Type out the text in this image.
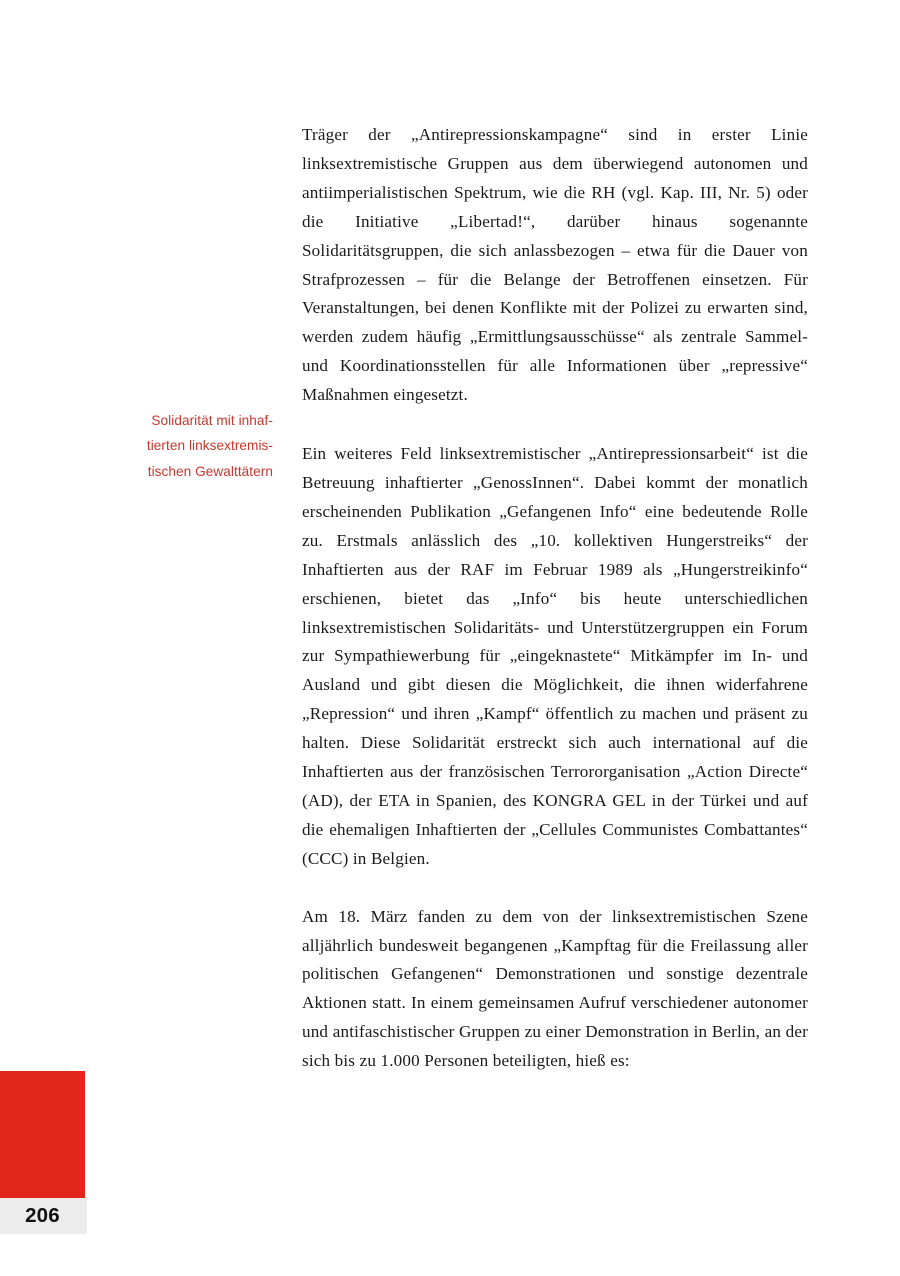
Träger der „Antirepressionskampagne“ sind in erster Linie linksextremistische Gruppen aus dem überwiegend autonomen und antiimperialistischen Spektrum, wie die RH (vgl. Kap. III, Nr. 5) oder die Initiative „Libertad!“, darüber hinaus sogenannte Solidaritätsgruppen, die sich anlassbezogen – etwa für die Dauer von Strafprozessen – für die Belange der Betroffenen einsetzen. Für Veranstaltungen, bei denen Konflikte mit der Polizei zu erwarten sind, werden zudem häufig „Ermittlungsausschüsse“ als zentrale Sammel- und Koordinationsstellen für alle Informationen über „repressive“ Maßnahmen eingesetzt.

Ein weiteres Feld linksextremistischer „Antirepressionsarbeit“ ist die Betreuung inhaftierter „GenossInnen“. Dabei kommt der monatlich erscheinenden Publikation „Gefangenen Info“ eine bedeutende Rolle zu. Erstmals anlässlich des „10. kollektiven Hungerstreiks“ der Inhaftierten aus der RAF im Februar 1989 als „Hungerstreikinfo“ erschienen, bietet das „Info“ bis heute unterschiedlichen linksextremistischen Solidaritäts- und Unterstützergruppen ein Forum zur Sympathiewerbung für „eingeknastete“ Mitkämpfer im In- und Ausland und gibt diesen die Möglichkeit, die ihnen widerfahrene „Repression“ und ihren „Kampf“ öffentlich zu machen und präsent zu halten. Diese Solidarität erstreckt sich auch international auf die Inhaftierten aus der französischen Terrororganisation „Action Directe“ (AD), der ETA in Spanien, des KONGRA GEL in der Türkei und auf die ehemaligen Inhaftierten der „Cellules Communistes Combattantes“ (CCC) in Belgien.

Am 18. März fanden zu dem von der linksextremistischen Szene alljährlich bundesweit begangenen „Kampftag für die Freilassung aller politischen Gefangenen“ Demonstrationen und sonstige dezentrale Aktionen statt. In einem gemeinsamen Aufruf verschiedener autonomer und antifaschistischer Gruppen zu einer Demonstration in Berlin, an der sich bis zu 1.000 Personen beteiligten, hieß es:

Solidarität mit inhaf-
tierten linksextremis-
tischen Gewalttätern
206
